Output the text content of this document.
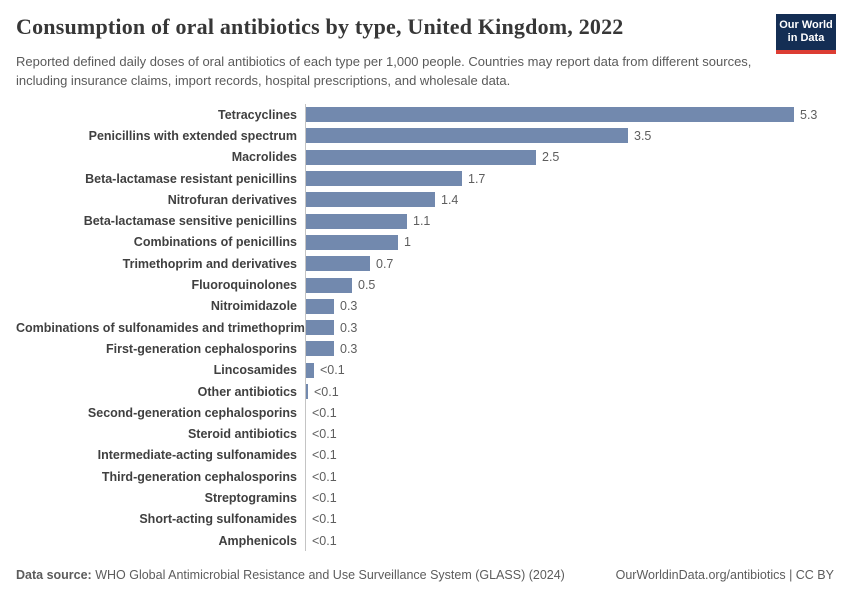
Consumption of oral antibiotics by type, United Kingdom, 2022
Reported defined daily doses of oral antibiotics of each type per 1,000 people. Countries may report data from different sources, including insurance claims, import records, hospital prescriptions, and wholesale data.
Our World
in Data
Tetracyclines	5.3
Penicillins with extended spectrum	3.5
Macrolides	2.5
Beta-lactamase resistant penicillins	1.7
Nitrofuran derivatives	1.4
Beta-lactamase sensitive penicillins	1.1
Combinations of penicillins	1
Trimethoprim and derivatives	0.7
Fluoroquinolones	0.5
Nitroimidazole	0.3
Combinations of sulfonamides and trimethoprim	0.3
First-generation cephalosporins	0.3
Lincosamides	<0.1
Other antibiotics	<0.1
Second-generation cephalosporins	<0.1
Steroid antibiotics	<0.1
Intermediate-acting sulfonamides	<0.1
Third-generation cephalosporins	<0.1
Streptogramins	<0.1
Short-acting sulfonamides	<0.1
Amphenicols	<0.1
Data source: WHO Global Antimicrobial Resistance and Use Surveillance System (GLASS) (2024)	OurWorldinData.org/antibiotics | CC BY
